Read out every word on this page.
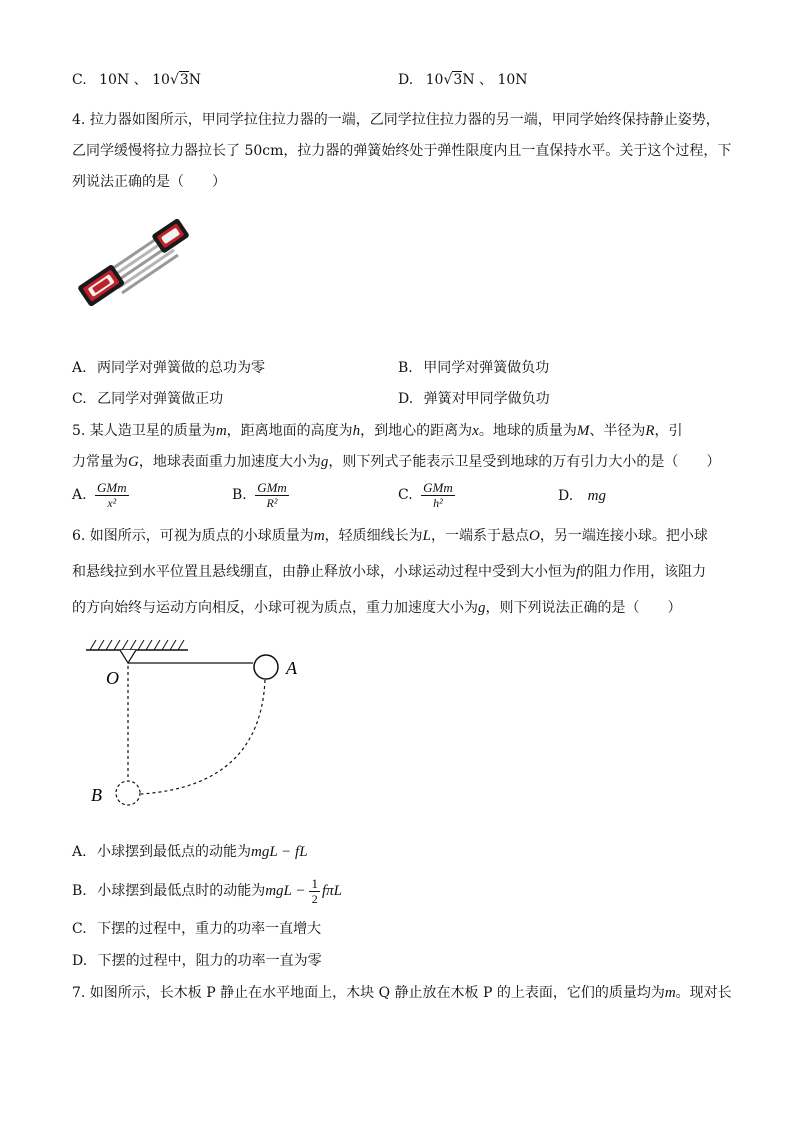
C. 10N 、 10√3N	D. 10√3N 、 10N
4. 拉力器如图所示，甲同学拉住拉力器的一端，乙同学拉住拉力器的另一端，甲同学始终保持静止姿势，
乙同学缓慢将拉力器拉长了 50cm，拉力器的弹簧始终处于弹性限度内且一直保持水平。关于这个过程，下
列说法正确的是（　　）
A. 两同学对弹簧做的总功为零	B. 甲同学对弹簧做负功
C. 乙同学对弹簧做正功	D. 弹簧对甲同学做负功
5. 某人造卫星的质量为m，距离地面的高度为h，到地心的距离为x。地球的质量为M、半径为R，引
力常量为G，地球表面重力加速度大小为g，则下列式子能表示卫星受到地球的万有引力大小的是（　　）
A. $\frac{\text{GMm}}{\text{x²}}$	B. $\frac{\text{GMm}}{\text{R²}}$	C. $\frac{\text{GMm}}{\text{h²}}$	D. mg
6. 如图所示，可视为质点的小球质量为m，轻质细线长为L，一端系于悬点O，另一端连接小球。把小球
和悬线拉到水平位置且悬线绷直，由静止释放小球，小球运动过程中受到大小恒为f的阻力作用，该阻力
的方向始终与运动方向相反，小球可视为质点，重力加速度大小为g，则下列说法正确的是（　　）
O	A
B
A. 小球摆到最低点的动能为mgL − fL
B. 小球摆到最低点时的动能为mgL − $\frac{1}{2}$ fπL
C. 下摆的过程中，重力的功率一直增大
D. 下摆的过程中，阻力的功率一直为零
7. 如图所示，长木板 P 静止在水平地面上，木块 Q 静止放在木板 P 的上表面，它们的质量均为m。现对长
